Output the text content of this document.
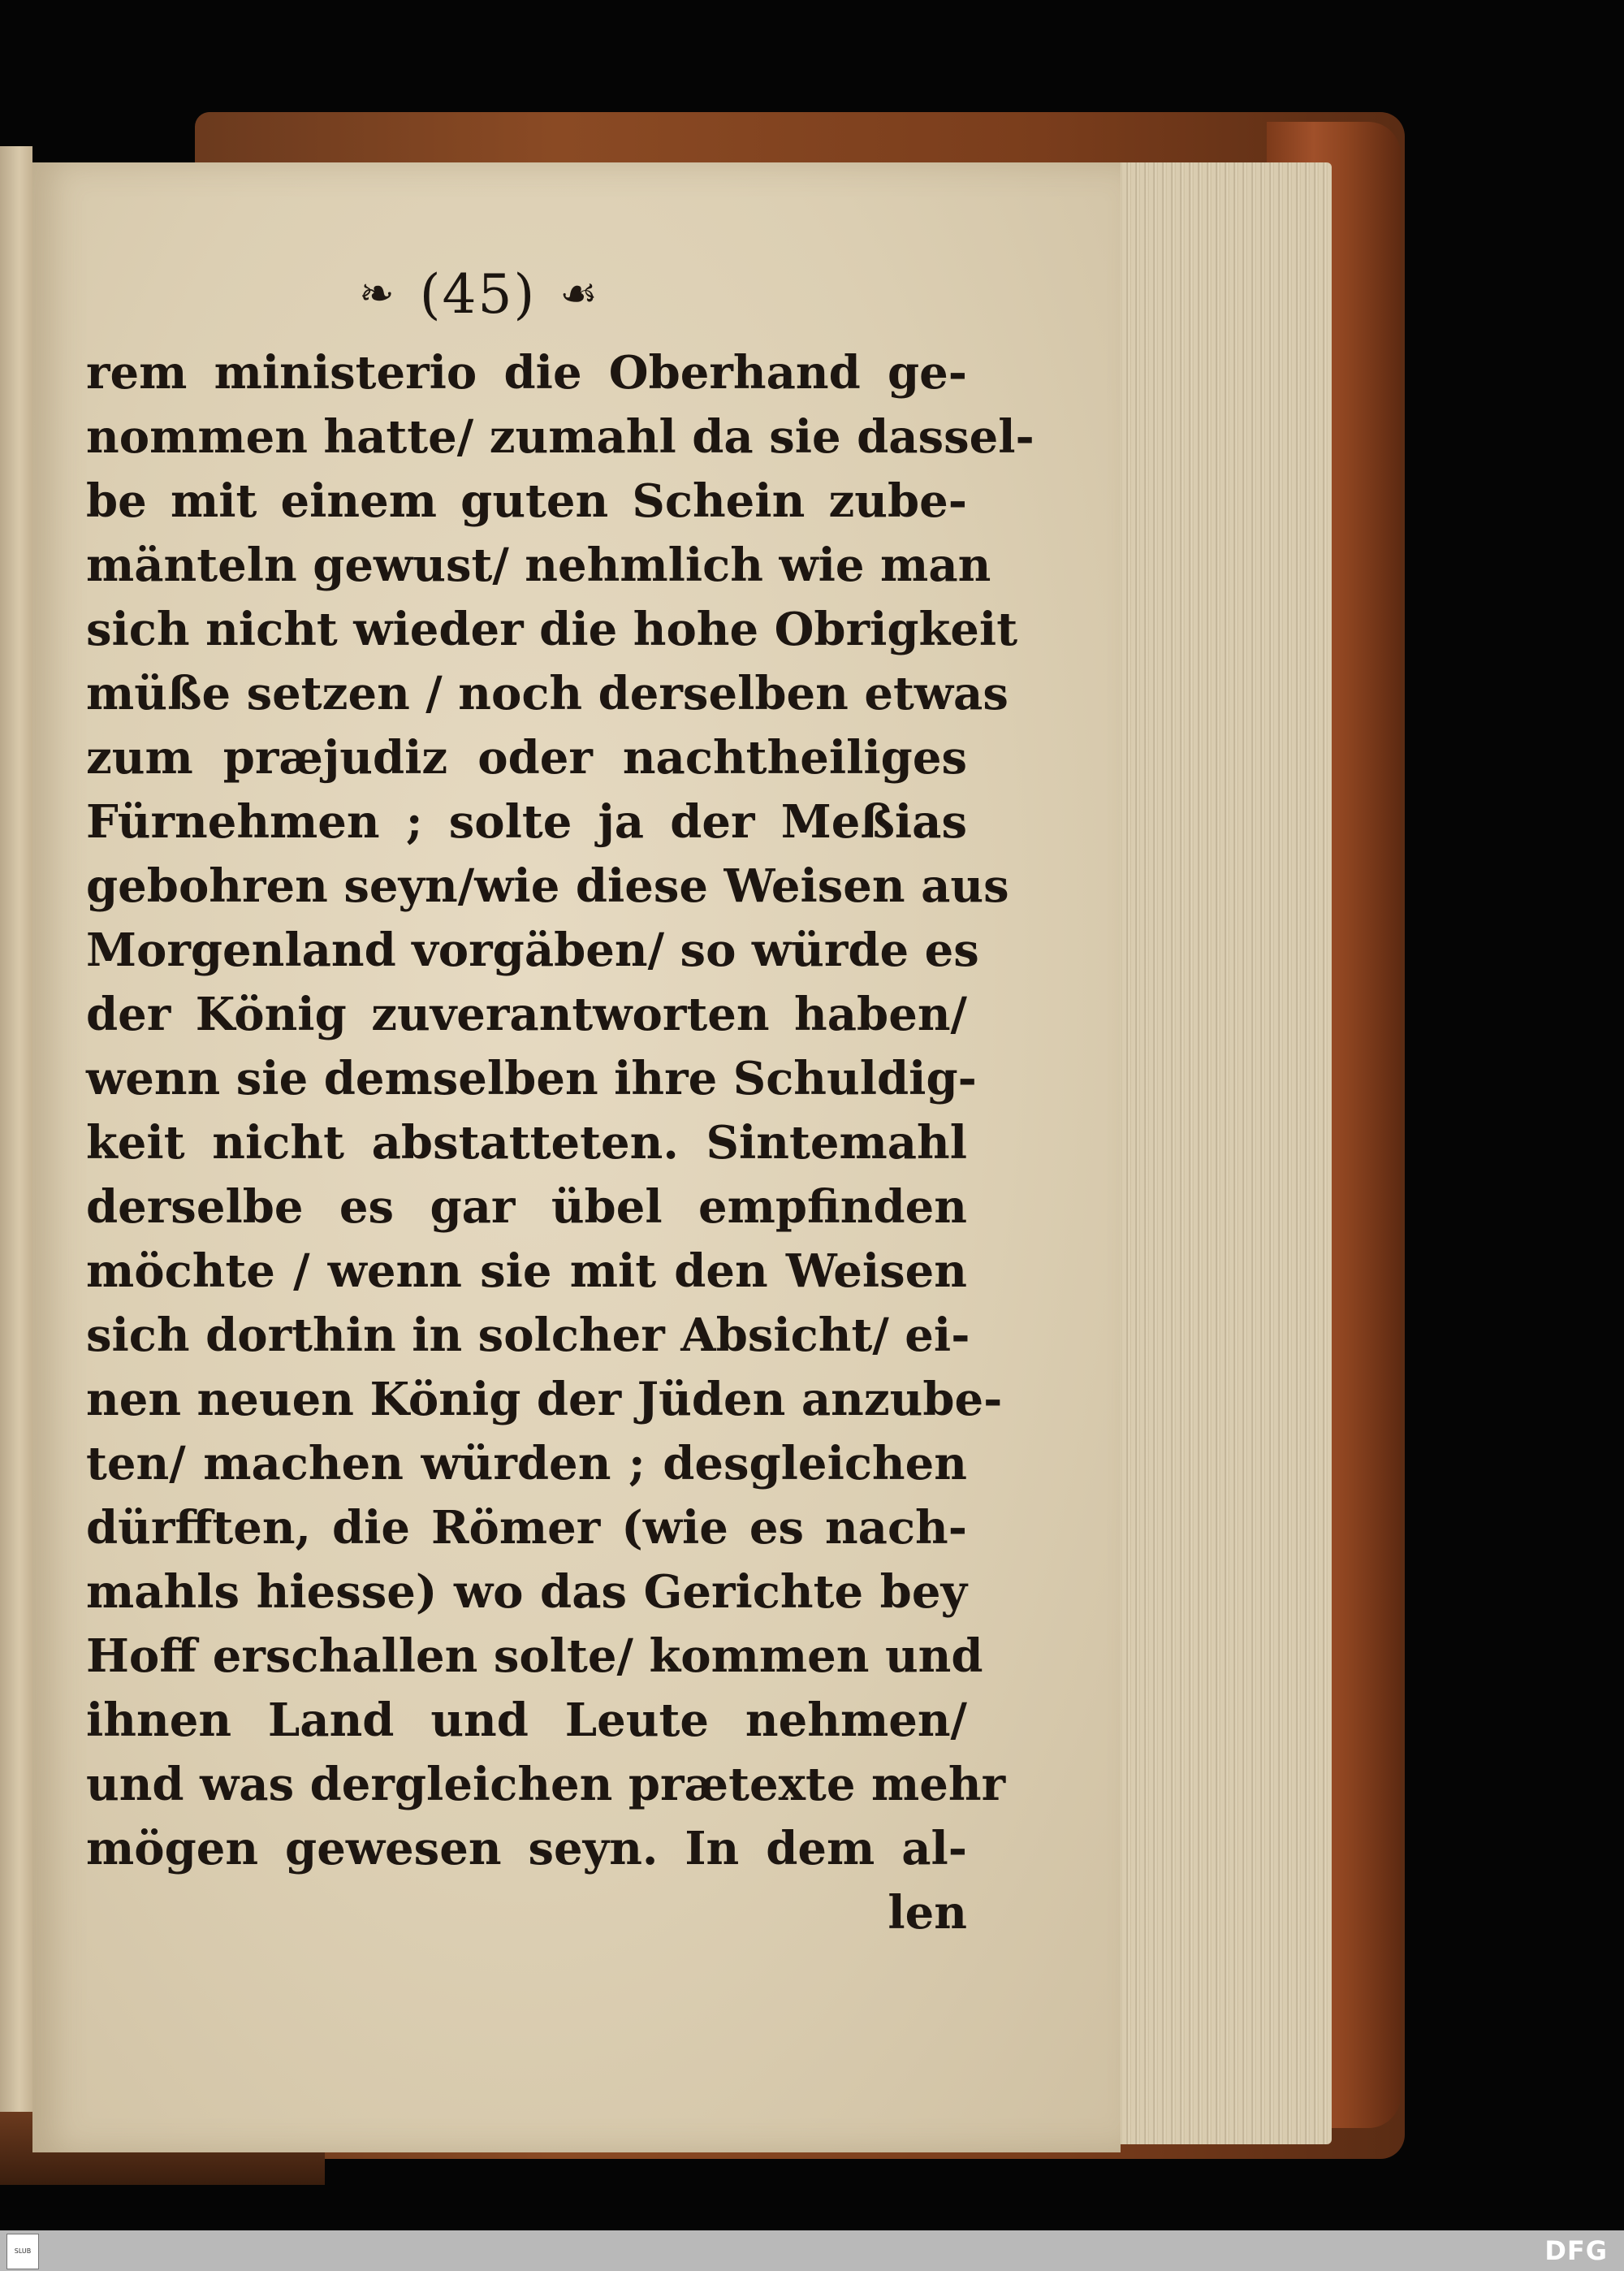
❧ (45) ☙
rem ministerio die Oberhand ge-
nommen hatte/ zumahl da sie dassel-
be mit einem guten Schein zube-
mänteln gewust/ nehmlich wie man
sich nicht wieder die hohe Obrigkeit
müße setzen / noch derselben etwas
zum præjudiz oder nachtheiliges
Fürnehmen ; solte ja der Meßias
gebohren seyn/wie diese Weisen aus
Morgenland vorgäben/ so würde es
der König zuverantworten haben/
wenn sie demselben ihre Schuldig-
keit nicht abstatteten. Sintemahl
derselbe es gar übel empfinden
möchte / wenn sie mit den Weisen
sich dorthin in solcher Absicht/ ei-
nen neuen König der Jüden anzube-
ten/ machen würden ; desgleichen
dürfften, die Römer (wie es nach-
mahls hiesse) wo das Gerichte bey
Hoff erschallen solte/ kommen und
ihnen Land und Leute nehmen/
und was dergleichen prætexte mehr
mögen gewesen seyn. In dem al-
len
SLUB	DFG
